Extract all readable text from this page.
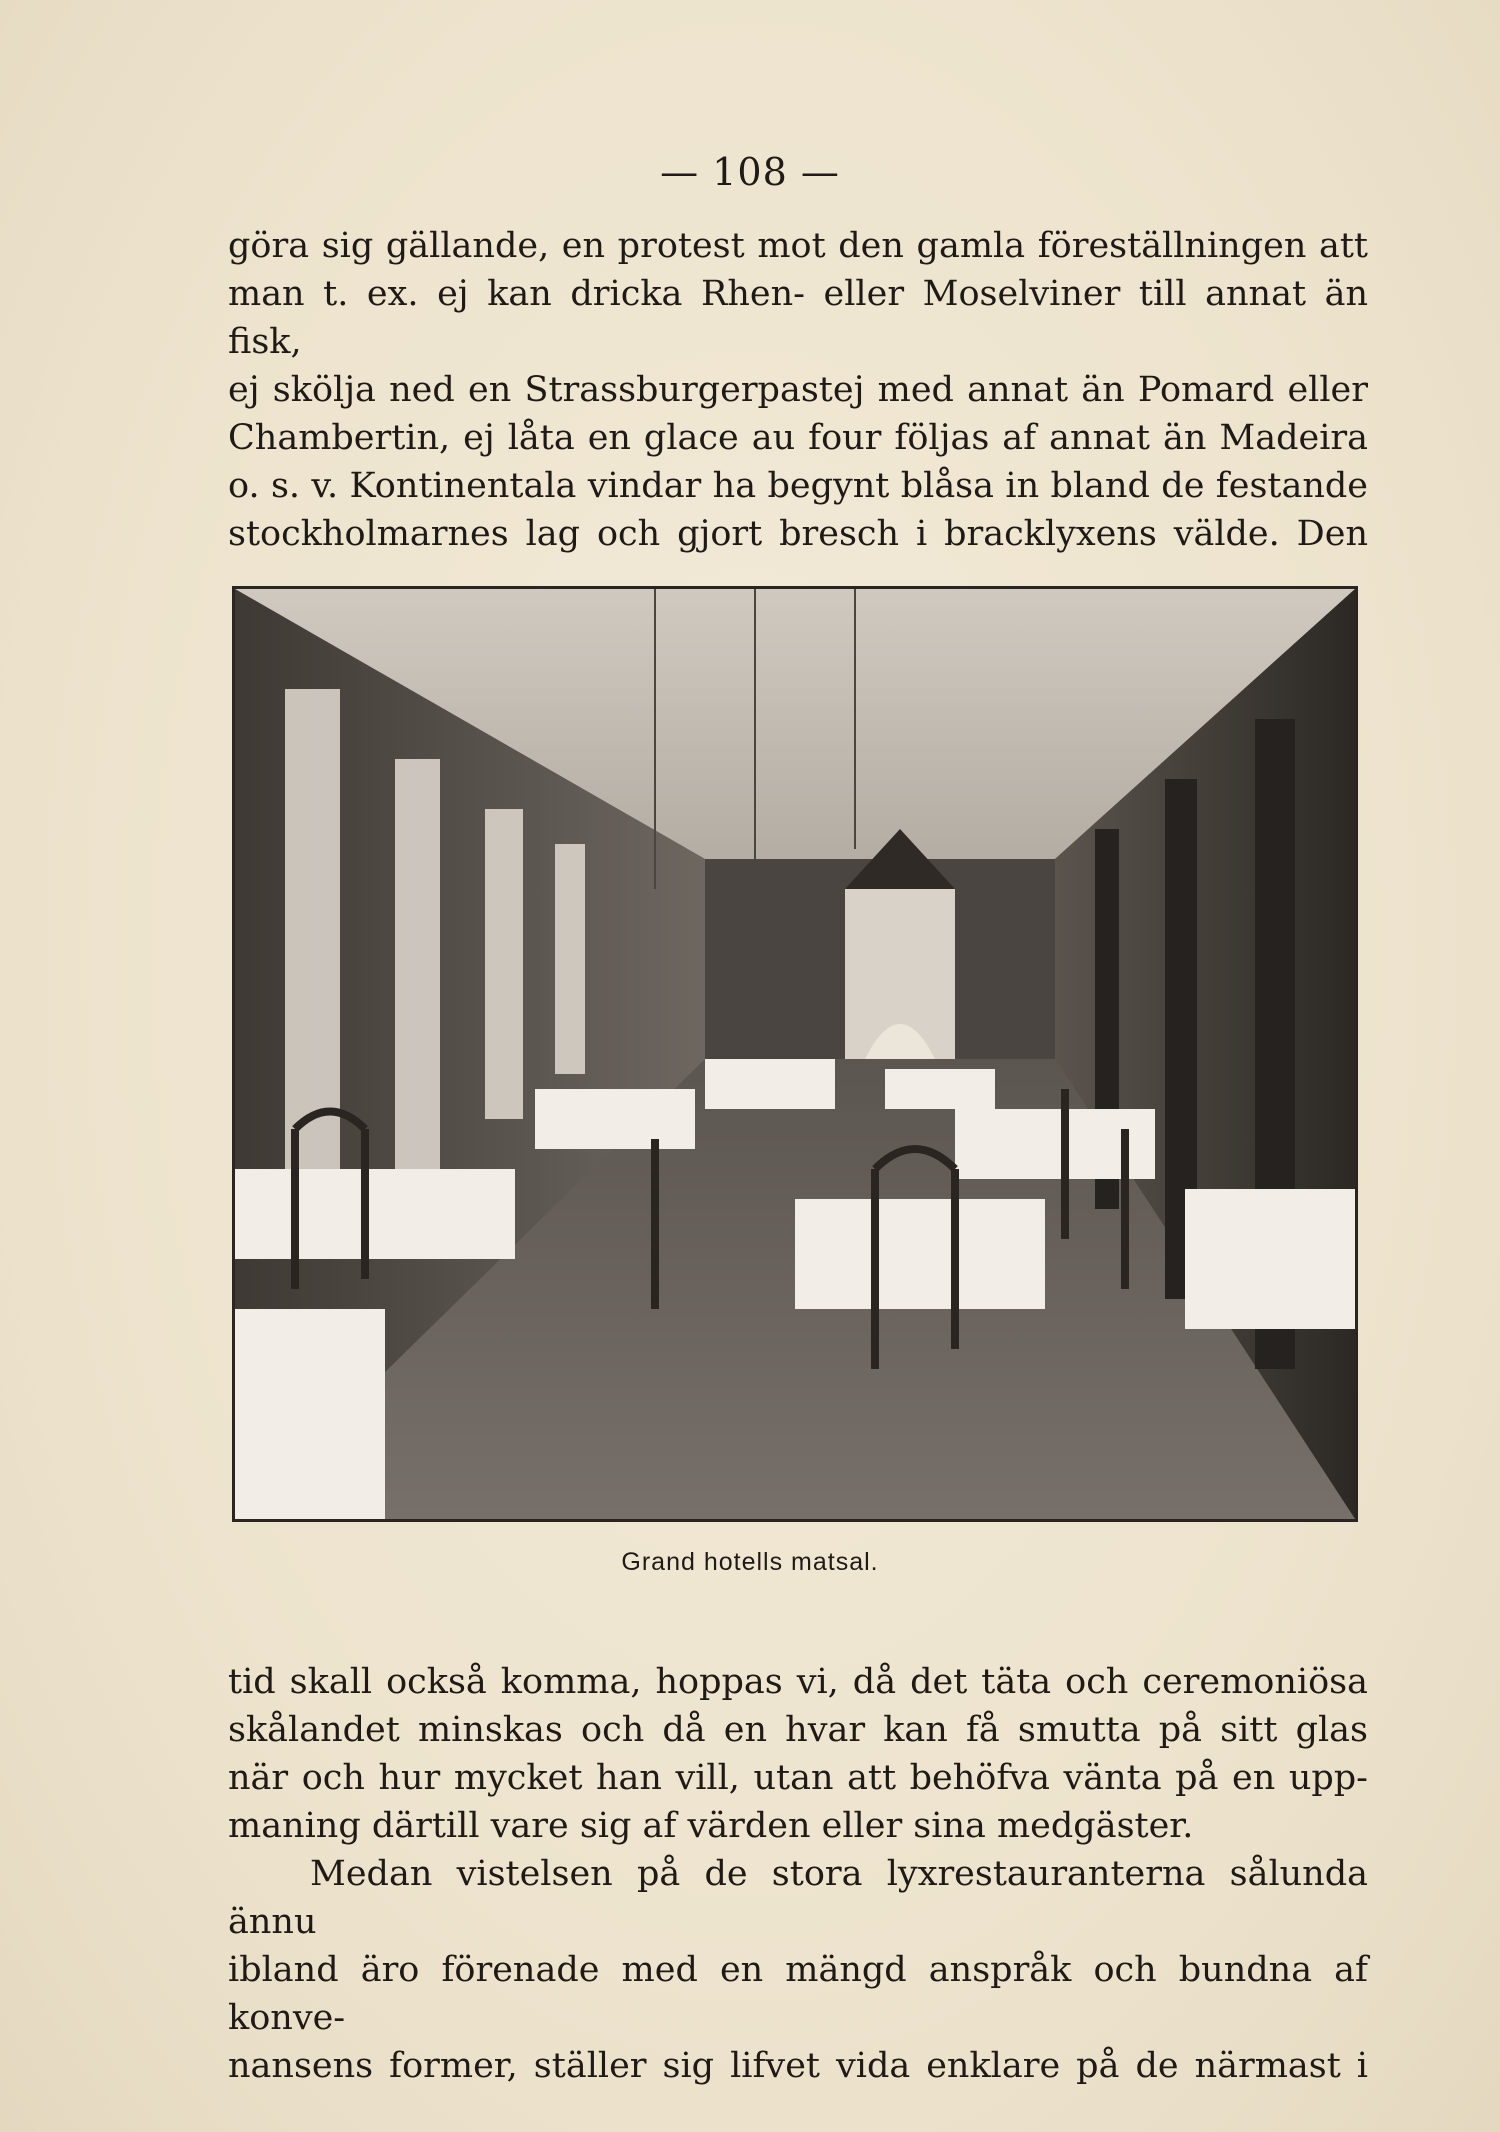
— 108 —

göra sig gällande, en protest mot den gamla föreställningen att

man t. ex. ej kan dricka Rhen- eller Moselviner till annat än fisk,

ej skölja ned en Strassburgerpastej med annat än Pomard eller

Chambertin, ej låta en glace au four följas af annat än Madeira

o. s. v. Kontinentala vindar ha begynt blåsa in bland de festande

stockholmarnes lag och gjort bresch i bracklyxens välde. Den

Grand hotells matsal.

tid skall också komma, hoppas vi, då det täta och ceremoniösa

skålandet minskas och då en hvar kan få smutta på sitt glas

när och hur mycket han vill, utan att behöfva vänta på en upp-

maning därtill vare sig af värden eller sina medgäster.

Medan vistelsen på de stora lyxrestauranterna sålunda ännu

ibland äro förenade med en mängd anspråk och bundna af konve-

nansens former, ställer sig lifvet vida enklare på de närmast i
